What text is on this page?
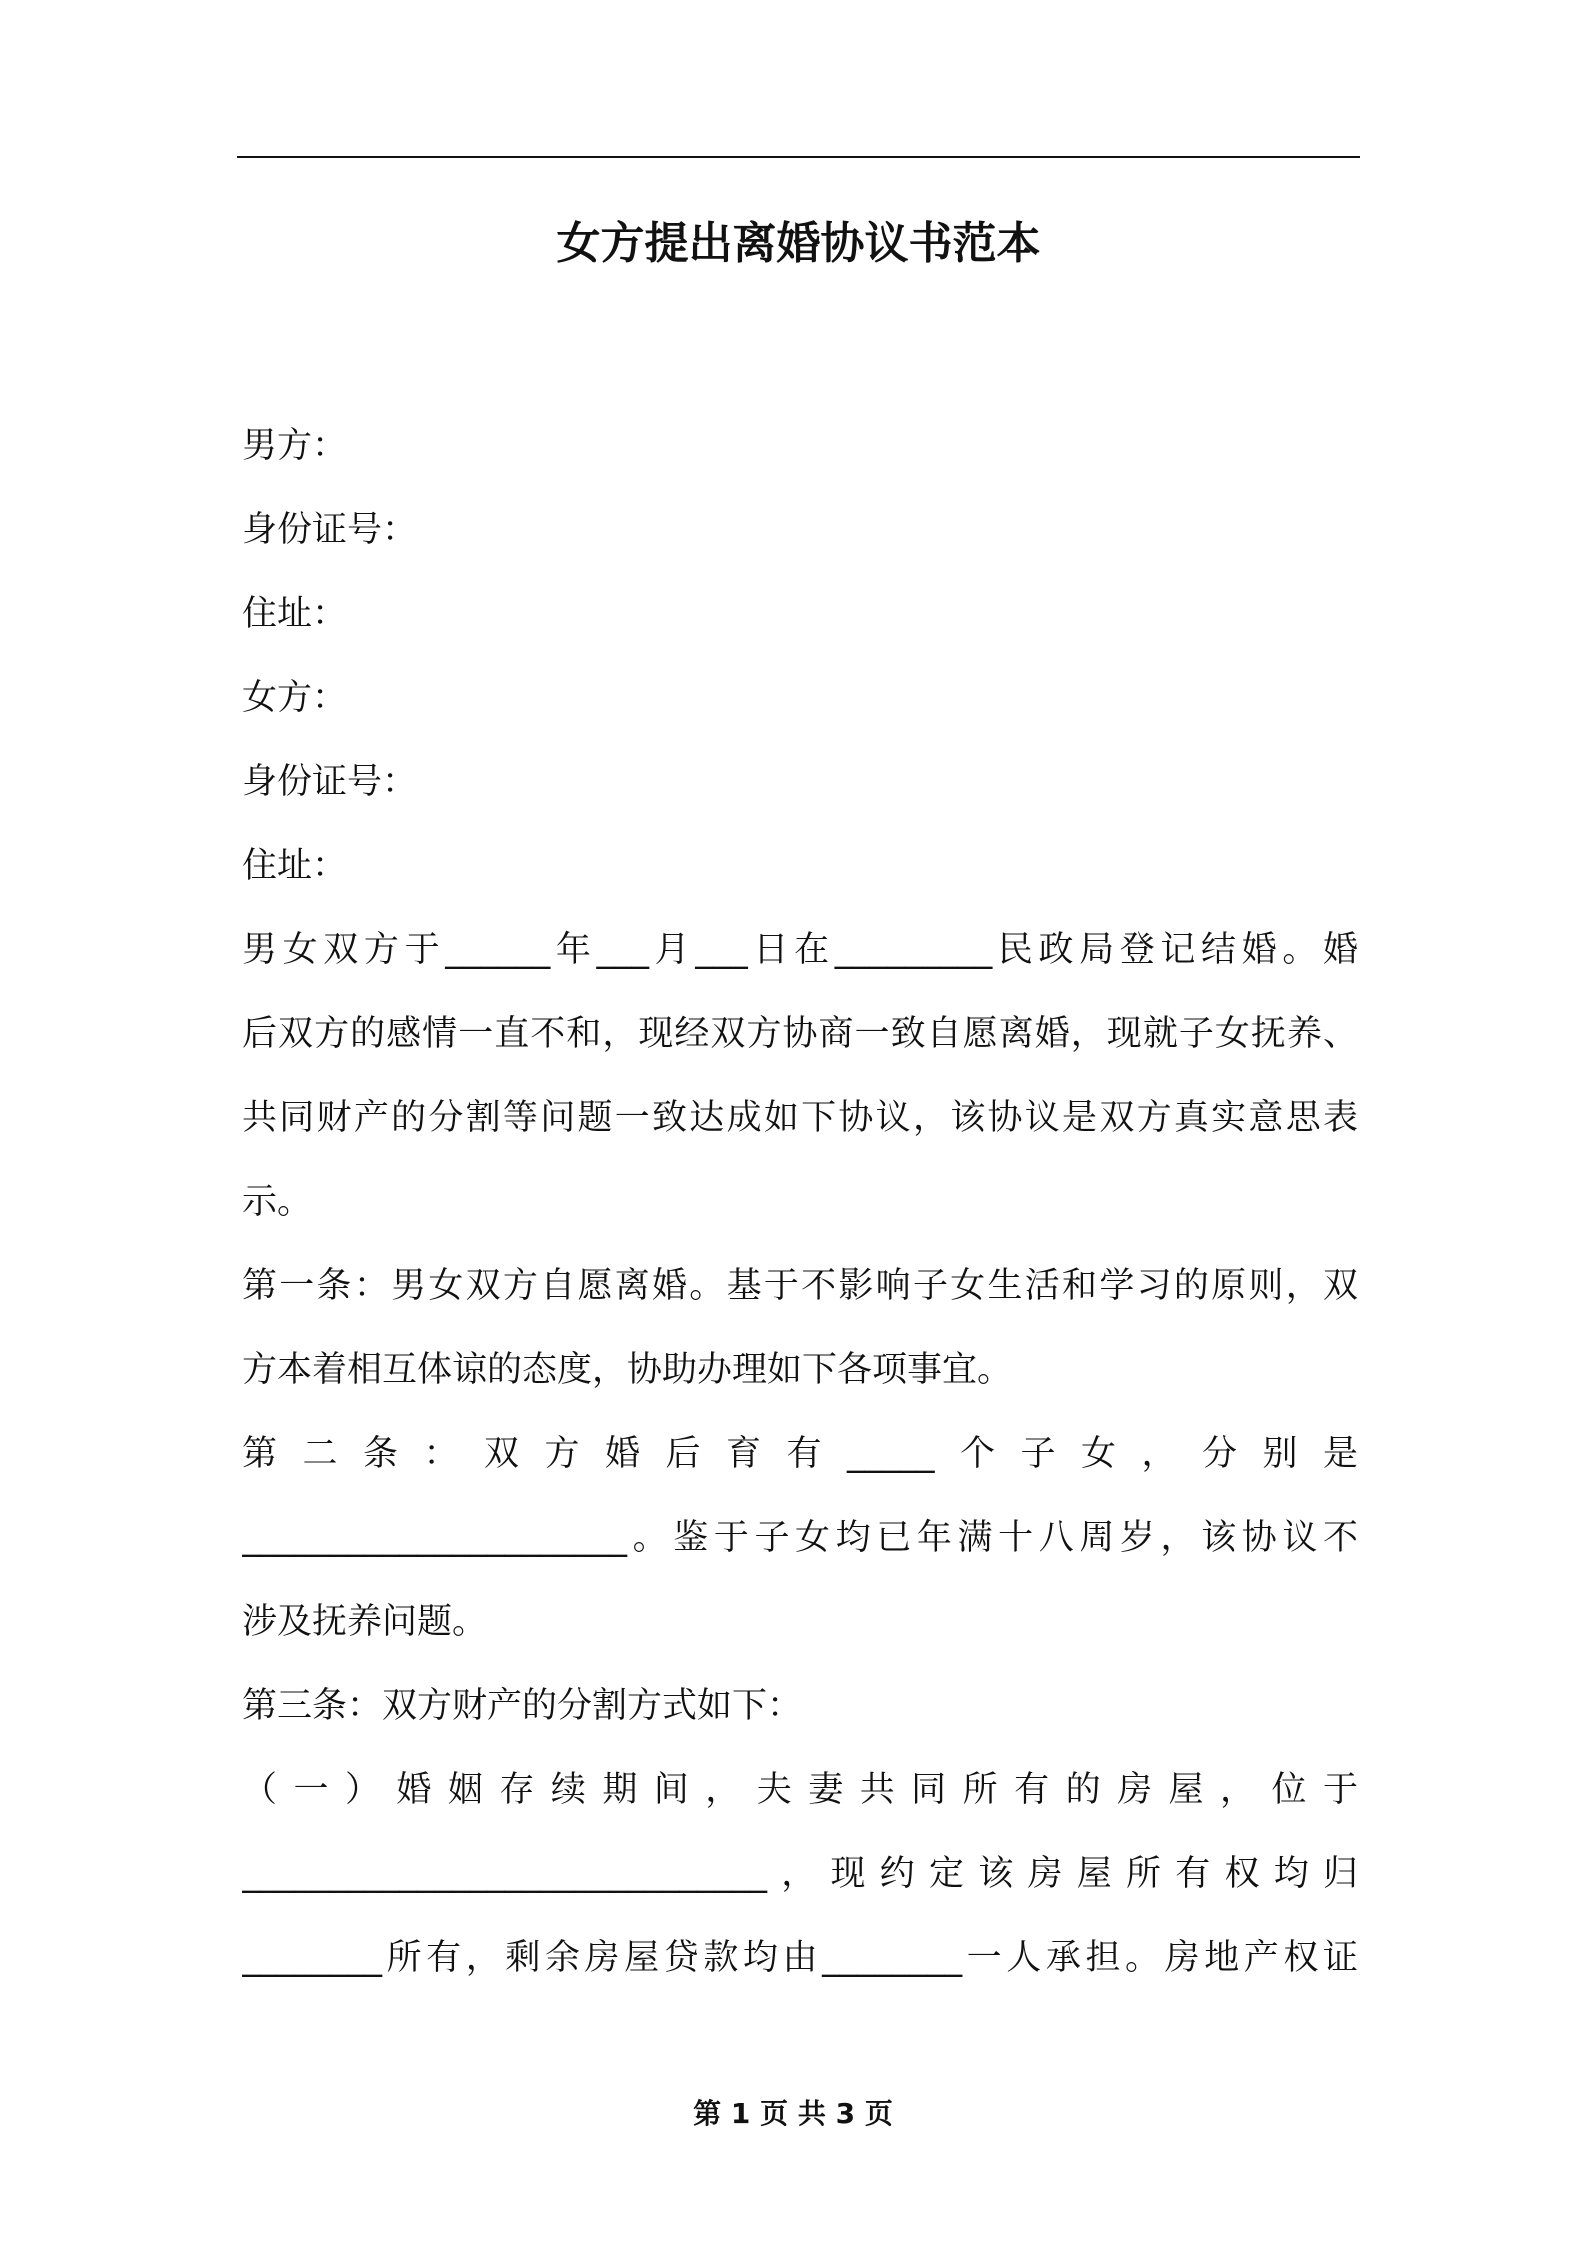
女方提出离婚协议书范本
男方：
身份证号：
住址：
女方：
身份证号：
住址：
男女双方于______年___月___日在_________民政局登记结婚。婚
后双方的感情一直不和，现经双方协商一致自愿离婚，现就子女抚养、
共同财产的分割等问题一致达成如下协议，该协议是双方真实意思表
示。
第一条：男女双方自愿离婚。基于不影响子女生活和学习的原则，双
方本着相互体谅的态度，协助办理如下各项事宜。
第二条：双方婚后育有_____个子女，分别是
______________________。鉴于子女均已年满十八周岁，该协议不
涉及抚养问题。
第三条：双方财产的分割方式如下：
（一）婚姻存续期间，夫妻共同所有的房屋，位于
______________________________，现约定该房屋所有权均归
________所有，剩余房屋贷款均由________一人承担。房地产权证
第 1 页 共 3 页
